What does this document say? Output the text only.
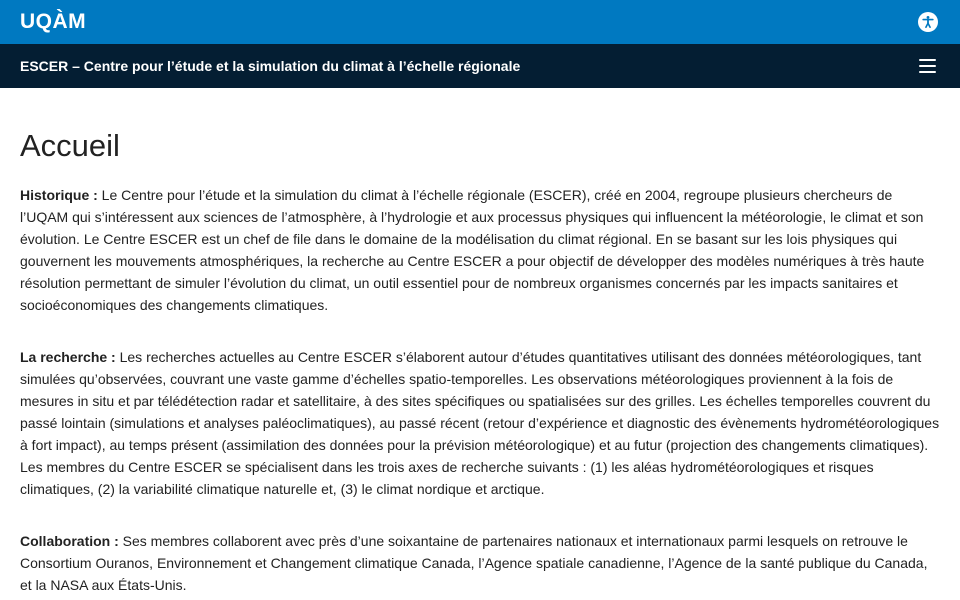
UQÀM
ESCER – Centre pour l’étude et la simulation du climat à l’échelle régionale
Accueil

Historique : Le Centre pour l’étude et la simulation du climat à l’échelle régionale (ESCER), créé en 2004, regroupe plusieurs chercheurs de l’UQAM qui s’intéressent aux sciences de l’atmosphère, à l’hydrologie et aux processus physiques qui influencent la météorologie, le climat et son évolution. Le Centre ESCER est un chef de file dans le domaine de la modélisation du climat régional. En se basant sur les lois physiques qui gouvernent les mouvements atmosphériques, la recherche au Centre ESCER a pour objectif de développer des modèles numériques à très haute résolution permettant de simuler l’évolution du climat, un outil essentiel pour de nombreux organismes concernés par les impacts sanitaires et socioéconomiques des changements climatiques.

La recherche : Les recherches actuelles au Centre ESCER s’élaborent autour d’études quantitatives utilisant des données météorologiques, tant simulées qu’observées, couvrant une vaste gamme d’échelles spatio-temporelles. Les observations météorologiques proviennent à la fois de mesures in situ et par télédétection radar et satellitaire, à des sites spécifiques ou spatialisées sur des grilles. Les échelles temporelles couvrent du passé lointain (simulations et analyses paléoclimatiques), au passé récent (retour d’expérience et diagnostic des évènements hydrométéorologiques à fort impact), au temps présent (assimilation des données pour la prévision météorologique) et au futur (projection des changements climatiques). Les membres du Centre ESCER se spécialisent dans les trois axes de recherche suivants : (1) les aléas hydrométéorologiques et risques climatiques, (2) la variabilité climatique naturelle et, (3) le climat nordique et arctique.

Collaboration : Ses membres collaborent avec près d’une soixantaine de partenaires nationaux et internationaux parmi lesquels on retrouve le Consortium Ouranos, Environnement et Changement climatique Canada, l’Agence spatiale canadienne, l’Agence de la santé publique du Canada, et la NASA aux États-Unis.
